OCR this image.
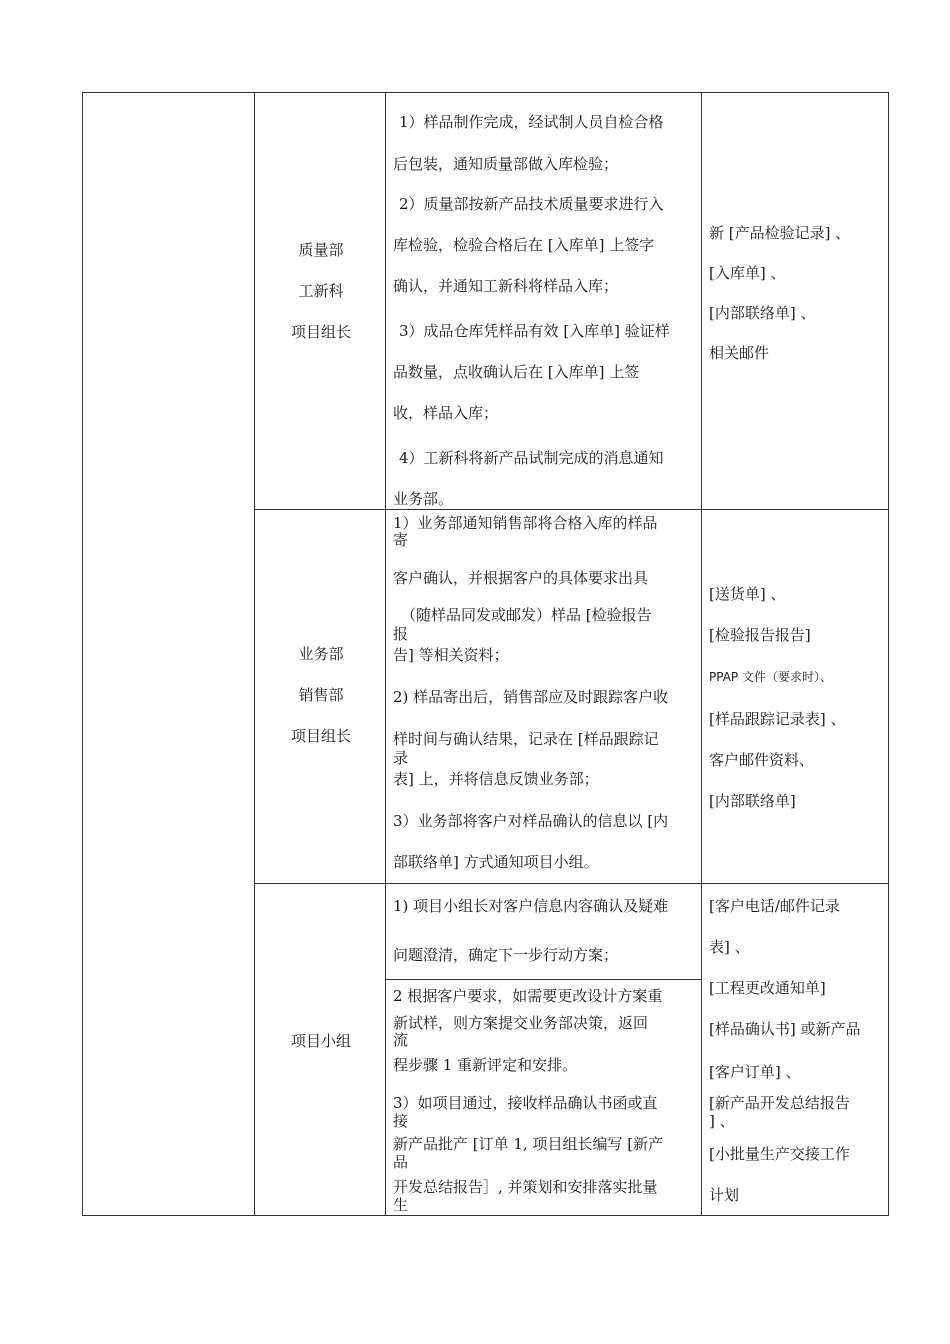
质量部
工新科
项目组长
1）样品制作完成，经试制人员自检合格
后包装，通知质量部做入库检验；
2）质量部按新产品技术质量要求进行入
库检验，检验合格后在 [入库单] 上签字
确认，并通知工新科将样品入库；
3）成品仓库凭样品有效 [入库单] 验证样
品数量，点收确认后在 [入库单] 上签
收，样品入库；
4）工新科将新产品试制完成的消息通知
业务部。
新 [产品检验记录] 、
[入库单] 、
[内部联络单] 、
相关邮件
业务部
销售部
项目组长
1）业务部通知销售部将合格入库的样品
寄
客户确认，并根据客户的具体要求出具
（随样品同发或邮发）样品 [检验报告
报
告] 等相关资料；
2) 样品寄出后，销售部应及时跟踪客户收
样时间与确认结果，记录在 [样品跟踪记
录
表] 上，并将信息反馈业务部；
3）业务部将客户对样品确认的信息以 [内
部联络单] 方式通知项目小组。
[送货单] 、
[检验报告报告]
PPAP 文件（要求时）、
[样品跟踪记录表] 、
客户邮件资料、
[内部联络单]
项目小组
1) 项目小组长对客户信息内容确认及疑难
问题澄清，确定下一步行动方案；
2 根据客户要求，如需要更改设计方案重
新试样，则方案提交业务部决策，返回
流
程步骤 1 重新评定和安排。
3）如项目通过，接收样品确认书函或直
接
新产品批产 [订单 1, 项目组长编写 [新产
品
开发总结报告］, 并策划和安排落实批量
生
[客户电话/邮件记录
表] 、
[工程更改通知单]
[样品确认书] 或新产品
[客户订单] 、
[新产品开发总结报告
] 、
[小批量生产交接工作
计划
